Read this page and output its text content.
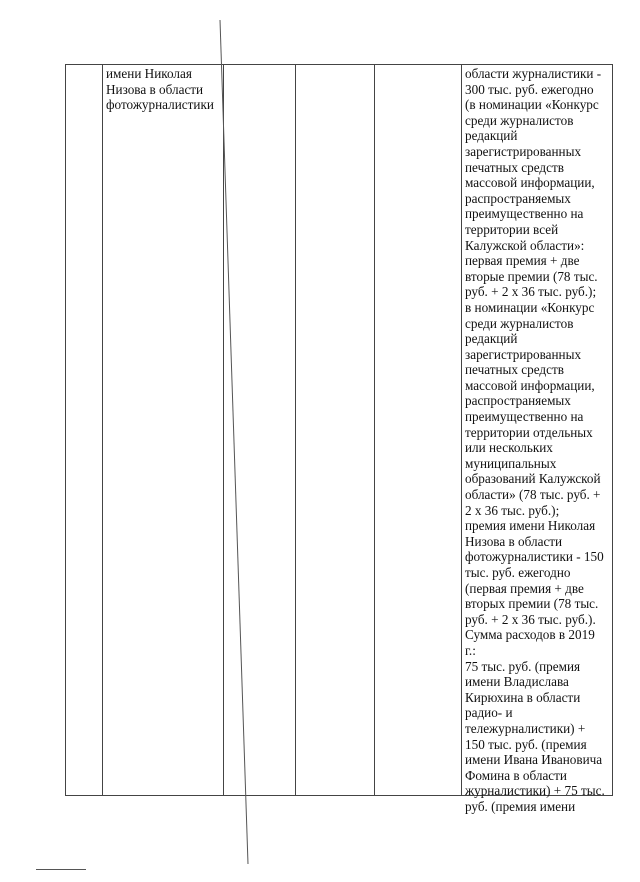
имени Николая
Низова в области
фотожурналистики
области журналистики -
300 тыс. руб. ежегодно
(в номинации «Конкурс
среди журналистов
редакций
зарегистрированных
печатных средств
массовой информации,
распространяемых
преимущественно на
территории всей
Калужской области»:
первая премия + две
вторые премии (78 тыс.
руб. + 2 x 36 тыс. руб.);
в номинации «Конкурс
среди журналистов
редакций
зарегистрированных
печатных средств
массовой информации,
распространяемых
преимущественно на
территории отдельных
или нескольких
муниципальных
образований Калужской
области» (78 тыс. руб. +
2 x 36 тыс. руб.);
премия имени Николая
Низова в области
фотожурналистики - 150
тыс. руб. ежегодно
(первая премия + две
вторых премии (78 тыс.
руб. + 2 x 36 тыс. руб.).
Сумма расходов в 2019
г.:
75 тыс. руб. (премия
имени Владислава
Кирюхина в области
радио- и
тележурналистики) +
150 тыс. руб. (премия
имени Ивана Ивановича
Фомина в области
журналистики) + 75 тыс.
руб. (премия имени
